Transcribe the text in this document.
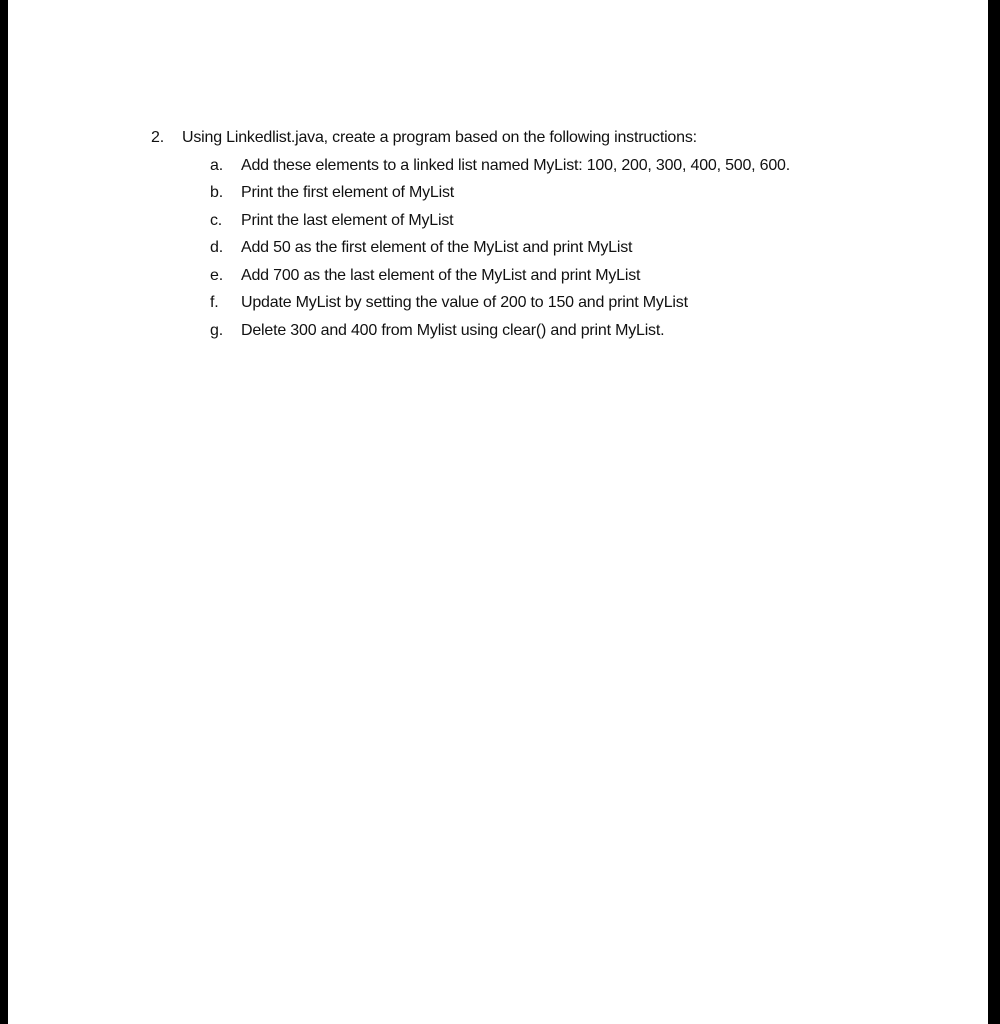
2.	Using Linkedlist.java, create a program based on the following instructions:
a.	Add these elements to a linked list named MyList: 100, 200, 300, 400, 500, 600.
b.	Print the first element of MyList
c.	Print the last element of MyList
d.	Add 50 as the first element of the MyList and print MyList
e.	Add 700 as the last element of the MyList and print MyList
f.	Update MyList by setting the value of 200 to 150 and print MyList
g.	Delete 300 and 400 from Mylist using clear() and print MyList.
